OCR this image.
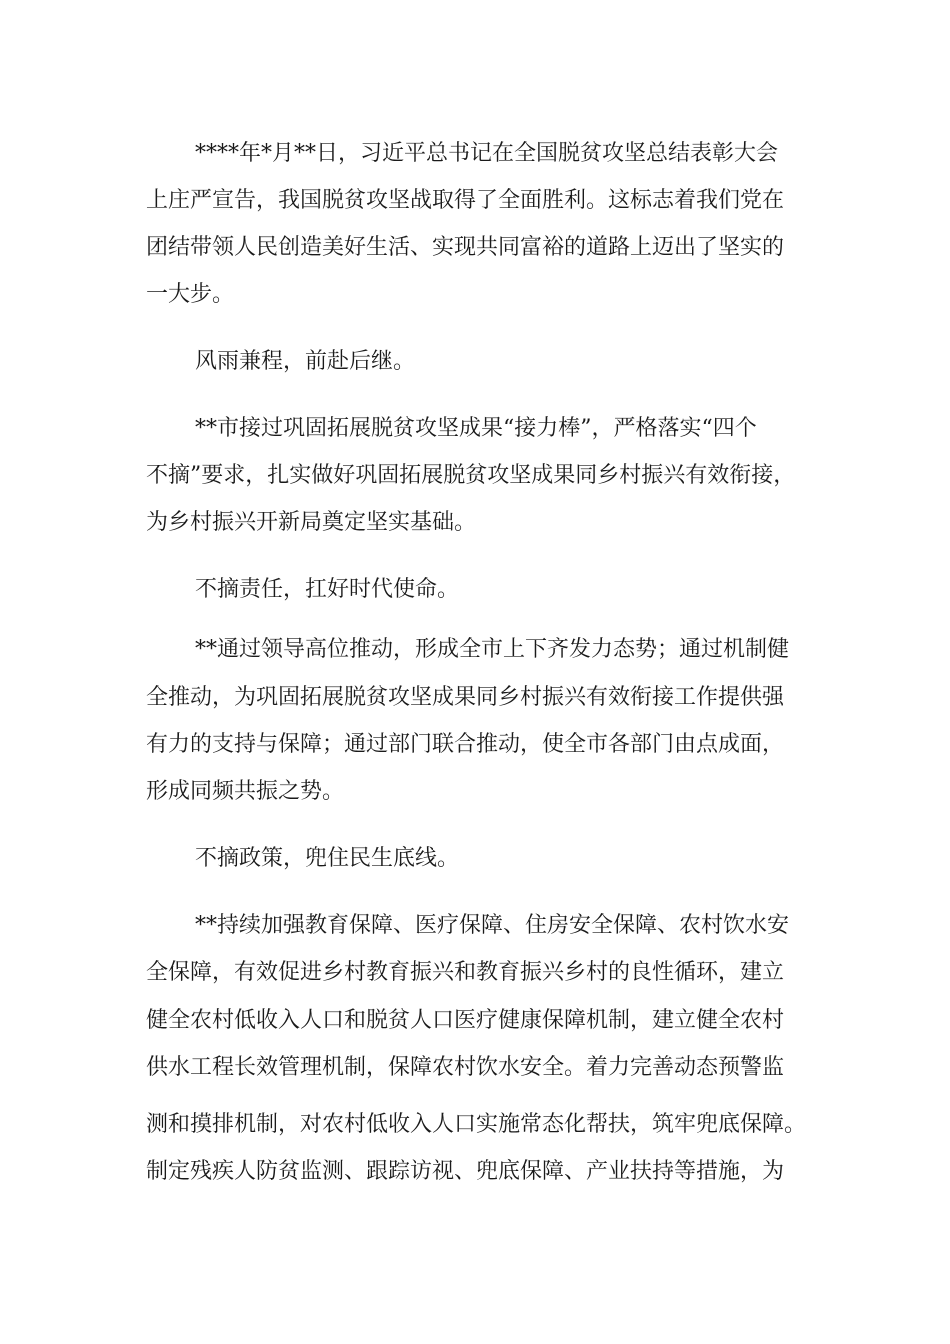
****年*月**日，习近平总书记在全国脱贫攻坚总结表彰大会
上庄严宣告，我国脱贫攻坚战取得了全面胜利。这标志着我们党在
团结带领人民创造美好生活、实现共同富裕的道路上迈出了坚实的
一大步。
风雨兼程，前赴后继。
**市接过巩固拓展脱贫攻坚成果“接力棒”，严格落实“四个
不摘”要求，扎实做好巩固拓展脱贫攻坚成果同乡村振兴有效衔接，
为乡村振兴开新局奠定坚实基础。
不摘责任，扛好时代使命。
**通过领导高位推动，形成全市上下齐发力态势；通过机制健
全推动，为巩固拓展脱贫攻坚成果同乡村振兴有效衔接工作提供强
有力的支持与保障；通过部门联合推动，使全市各部门由点成面，
形成同频共振之势。
不摘政策，兜住民生底线。
**持续加强教育保障、医疗保障、住房安全保障、农村饮水安
全保障，有效促进乡村教育振兴和教育振兴乡村的良性循环，建立
健全农村低收入人口和脱贫人口医疗健康保障机制，建立健全农村
供水工程长效管理机制，保障农村饮水安全。着力完善动态预警监
测和摸排机制，对农村低收入人口实施常态化帮扶，筑牢兜底保障。
制定残疾人防贫监测、跟踪访视、兜底保障、产业扶持等措施，为
